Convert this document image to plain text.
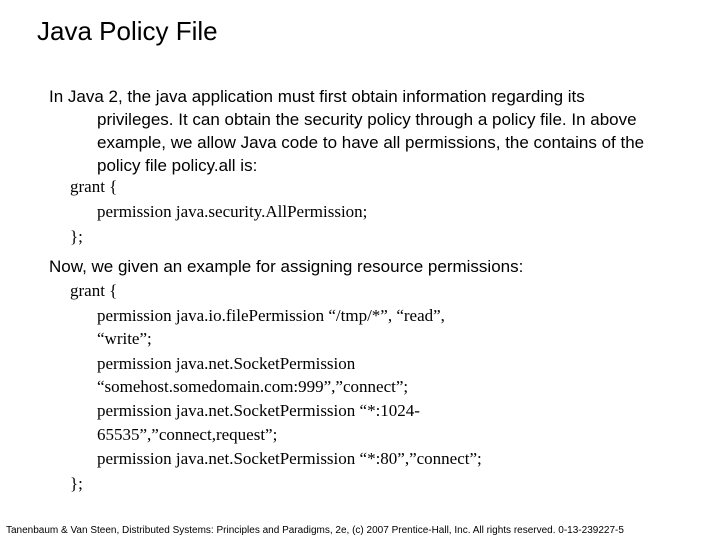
Java Policy File
In Java 2, the java application must first obtain information regarding its
privileges. It can obtain the security policy through a policy file. In above
example, we allow Java code to have all permissions, the contains of the
policy file policy.all is:
grant {
permission java.security.AllPermission;
};
Now, we given an example for assigning resource permissions:
grant {
permission java.io.filePermission “/tmp/*”, “read”,
“write”;
permission java.net.SocketPermission
“somehost.somedomain.com:999”,”connect”;
permission java.net.SocketPermission “*:1024-
65535”,”connect,request”;
permission java.net.SocketPermission “*:80”,”connect”;
};
Tanenbaum & Van Steen, Distributed Systems: Principles and Paradigms, 2e, (c) 2007 Prentice-Hall, Inc. All rights reserved. 0-13-239227-5
